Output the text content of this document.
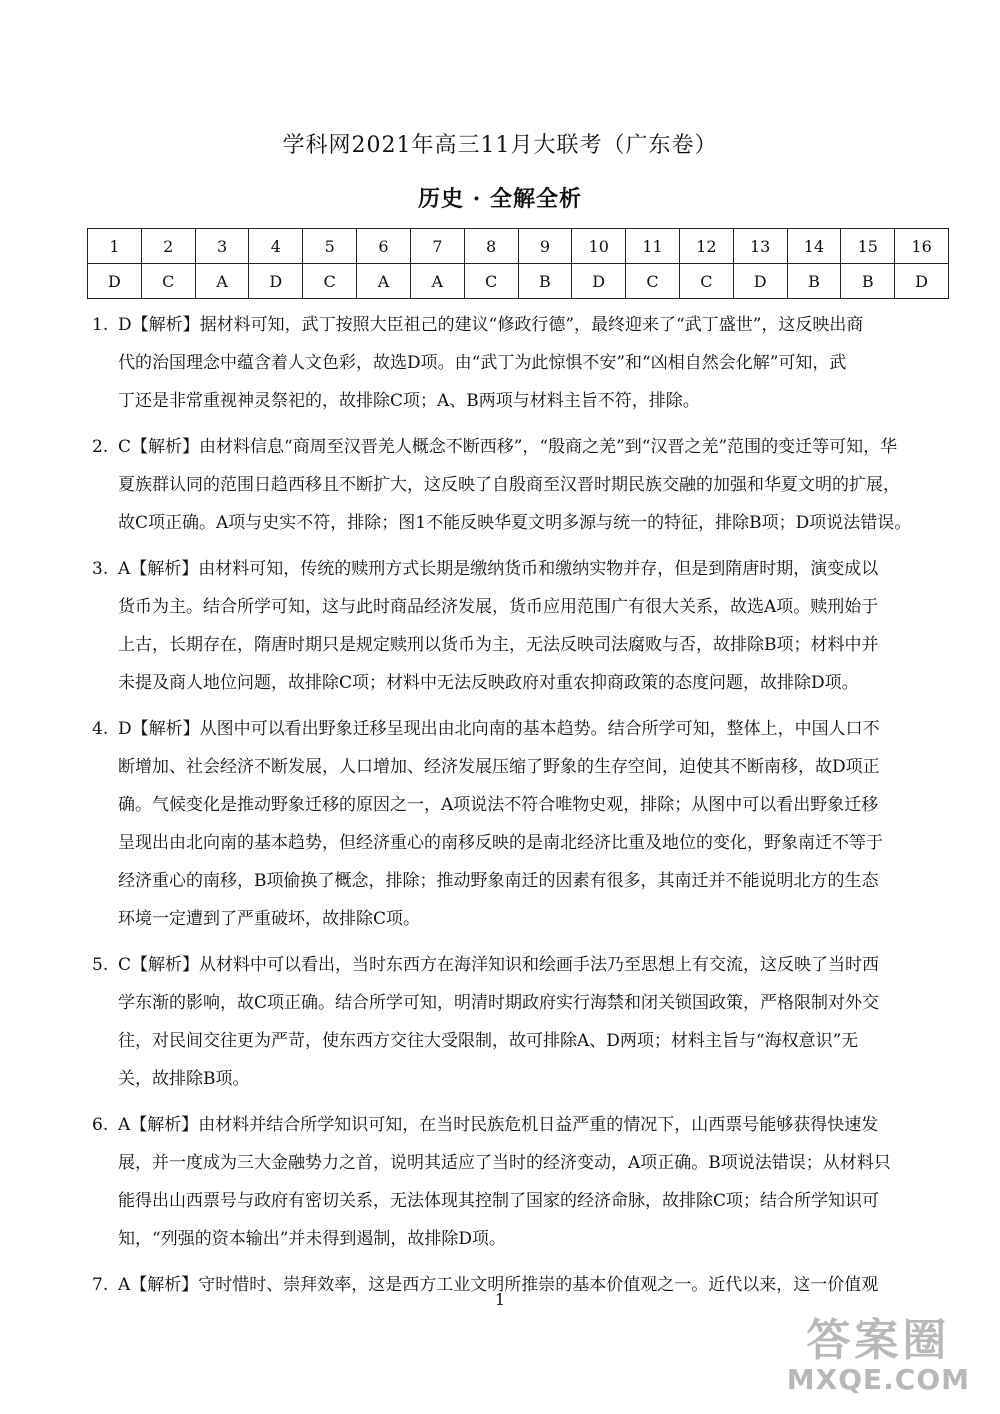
学科网2021年高三11月大联考（广东卷）
历史 · 全解全析
1	2	3	4	5	6	7	8	9	10	11	12	13	14	15	16
D	C	A	D	C	A	A	C	B	D	C	C	D	B	B	D
1. D【解析】据材料可知，武丁按照大臣祖己的建议“修政行德”，最终迎来了“武丁盛世”，这反映出商
代的治国理念中蕴含着人文色彩，故选D项。由“武丁为此惊惧不安”和“凶相自然会化解”可知，武
丁还是非常重视神灵祭祀的，故排除C项；A、B两项与材料主旨不符，排除。
2. C【解析】由材料信息“商周至汉晋羌人概念不断西移”，“殷商之羌”到“汉晋之羌”范围的变迁等可知，华
夏族群认同的范围日趋西移且不断扩大，这反映了自殷商至汉晋时期民族交融的加强和华夏文明的扩展，
故C项正确。A项与史实不符，排除；图1不能反映华夏文明多源与统一的特征，排除B项；D项说法错误。
3. A【解析】由材料可知，传统的赎刑方式长期是缴纳货币和缴纳实物并存，但是到隋唐时期，演变成以
货币为主。结合所学可知，这与此时商品经济发展，货币应用范围广有很大关系，故选A项。赎刑始于
上古，长期存在，隋唐时期只是规定赎刑以货币为主，无法反映司法腐败与否，故排除B项；材料中并
未提及商人地位问题，故排除C项；材料中无法反映政府对重农抑商政策的态度问题，故排除D项。
4. D【解析】从图中可以看出野象迁移呈现出由北向南的基本趋势。结合所学可知，整体上，中国人口不
断增加、社会经济不断发展，人口增加、经济发展压缩了野象的生存空间，迫使其不断南移，故D项正
确。气候变化是推动野象迁移的原因之一，A项说法不符合唯物史观，排除；从图中可以看出野象迁移
呈现出由北向南的基本趋势，但经济重心的南移反映的是南北经济比重及地位的变化，野象南迁不等于
经济重心的南移，B项偷换了概念，排除；推动野象南迁的因素有很多，其南迁并不能说明北方的生态
环境一定遭到了严重破坏，故排除C项。
5. C【解析】从材料中可以看出，当时东西方在海洋知识和绘画手法乃至思想上有交流，这反映了当时西
学东渐的影响，故C项正确。结合所学可知，明清时期政府实行海禁和闭关锁国政策，严格限制对外交
往，对民间交往更为严苛，使东西方交往大受限制，故可排除A、D两项；材料主旨与“海权意识”无
关，故排除B项。
6. A【解析】由材料并结合所学知识可知，在当时民族危机日益严重的情况下，山西票号能够获得快速发
展，并一度成为三大金融势力之首，说明其适应了当时的经济变动，A项正确。B项说法错误；从材料只
能得出山西票号与政府有密切关系，无法体现其控制了国家的经济命脉，故排除C项；结合所学知识可
知，“列强的资本输出”并未得到遏制，故排除D项。
7. A【解析】守时惜时、崇拜效率，这是西方工业文明所推崇的基本价值观之一。近代以来，这一价值观
1
答案圈
MXQE.COM
